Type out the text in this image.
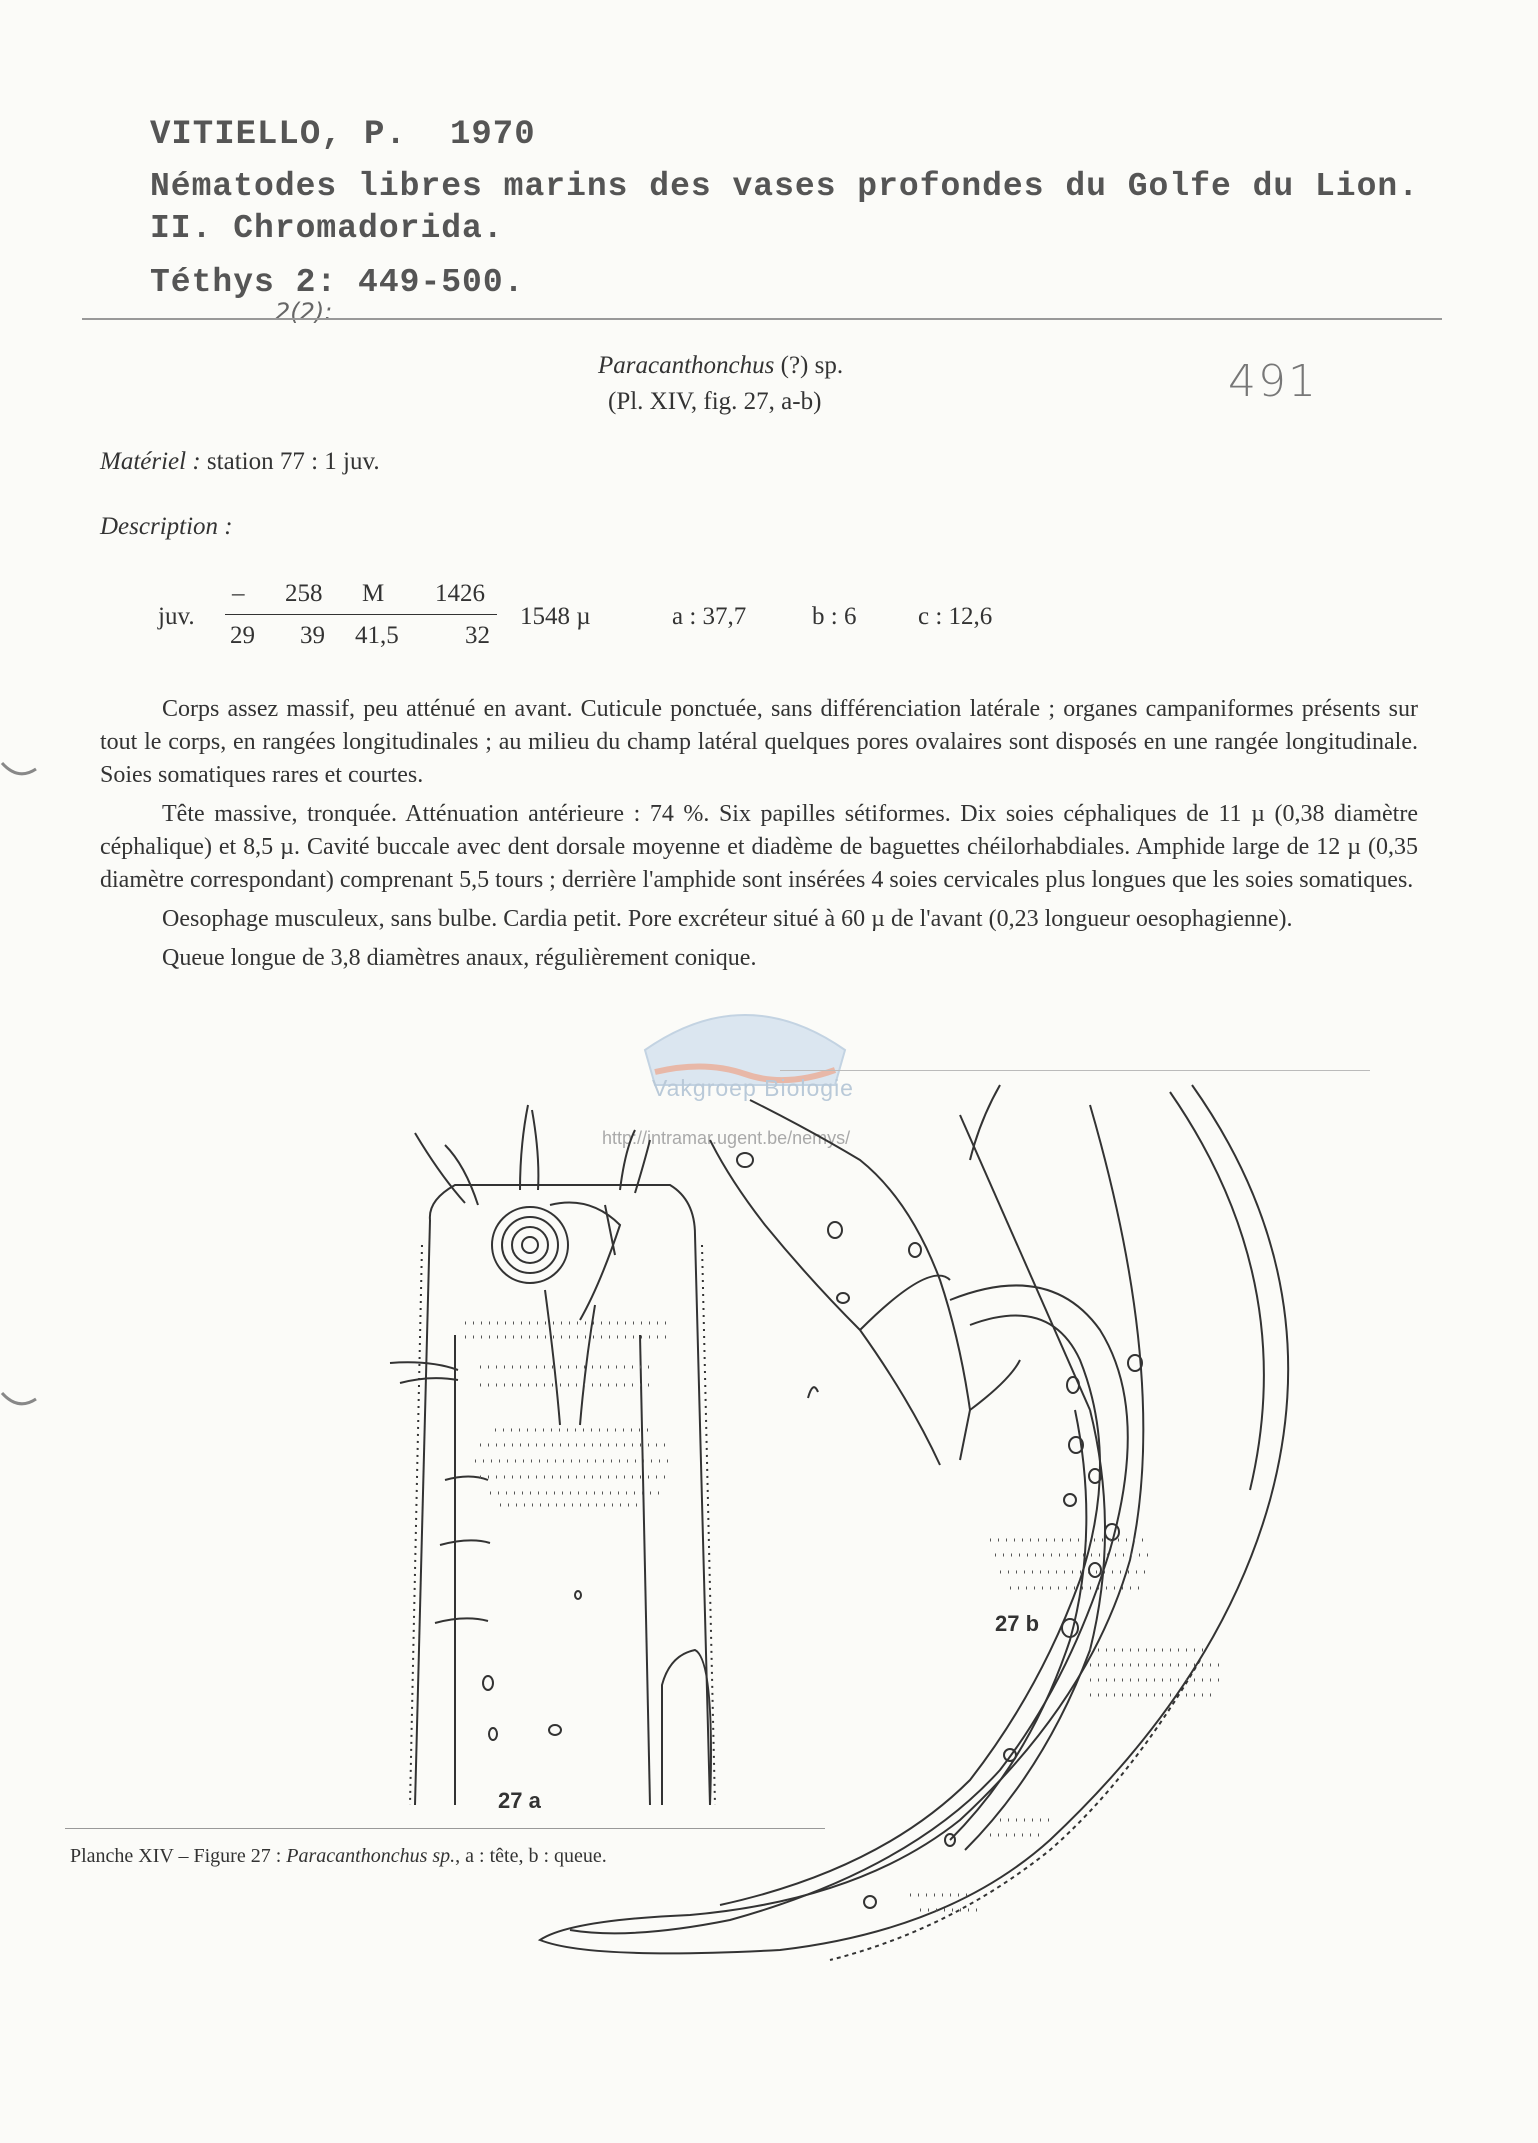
VITIELLO, P. 1970
Nématodes libres marins des vases profondes du Golfe du Lion.
II. Chromadorida.
Téthys 2: 449-500.
2(2):
Paracanthonchus (?) sp.
(Pl. XIV, fig. 27, a-b)	491
Matériel : station 77 : 1 juv.
Description :
juv.
– 258 M 1426
29 39 41,5	32
1548 µ	a : 37,7	b : 6 c : 12,6

Corps assez massif, peu atténué en avant. Cuticule ponctuée, sans différenciation latérale ; organes campaniformes présents sur tout le corps, en rangées longitudinales ; au milieu du champ latéral quelques pores ovalaires sont disposés en une rangée longitudinale. Soies somatiques rares et courtes.

Tête massive, tronquée. Atténuation antérieure : 74 %. Six papilles sétiformes. Dix soies céphaliques de 11 µ (0,38 diamètre céphalique) et 8,5 µ. Cavité buccale avec dent dorsale moyenne et diadème de baguettes chéilorhabdiales. Amphide large de 12 µ (0,35 diamètre correspondant) comprenant 5,5 tours ; derrière l'amphide sont insérées 4 soies cervicales plus longues que les soies somatiques.

Oesophage musculeux, sans bulbe. Cardia petit. Pore excréteur situé à 60 µ de l'avant (0,23 longueur oesophagienne).

Queue longue de 3,8 diamètres anaux, régulièrement conique.

Vakgroep Biologie
http://intramar.ugent.be/nemys/
27 a
27 b
Planche XIV – Figure 27 : Paracanthonchus sp., a : tête, b : queue.
